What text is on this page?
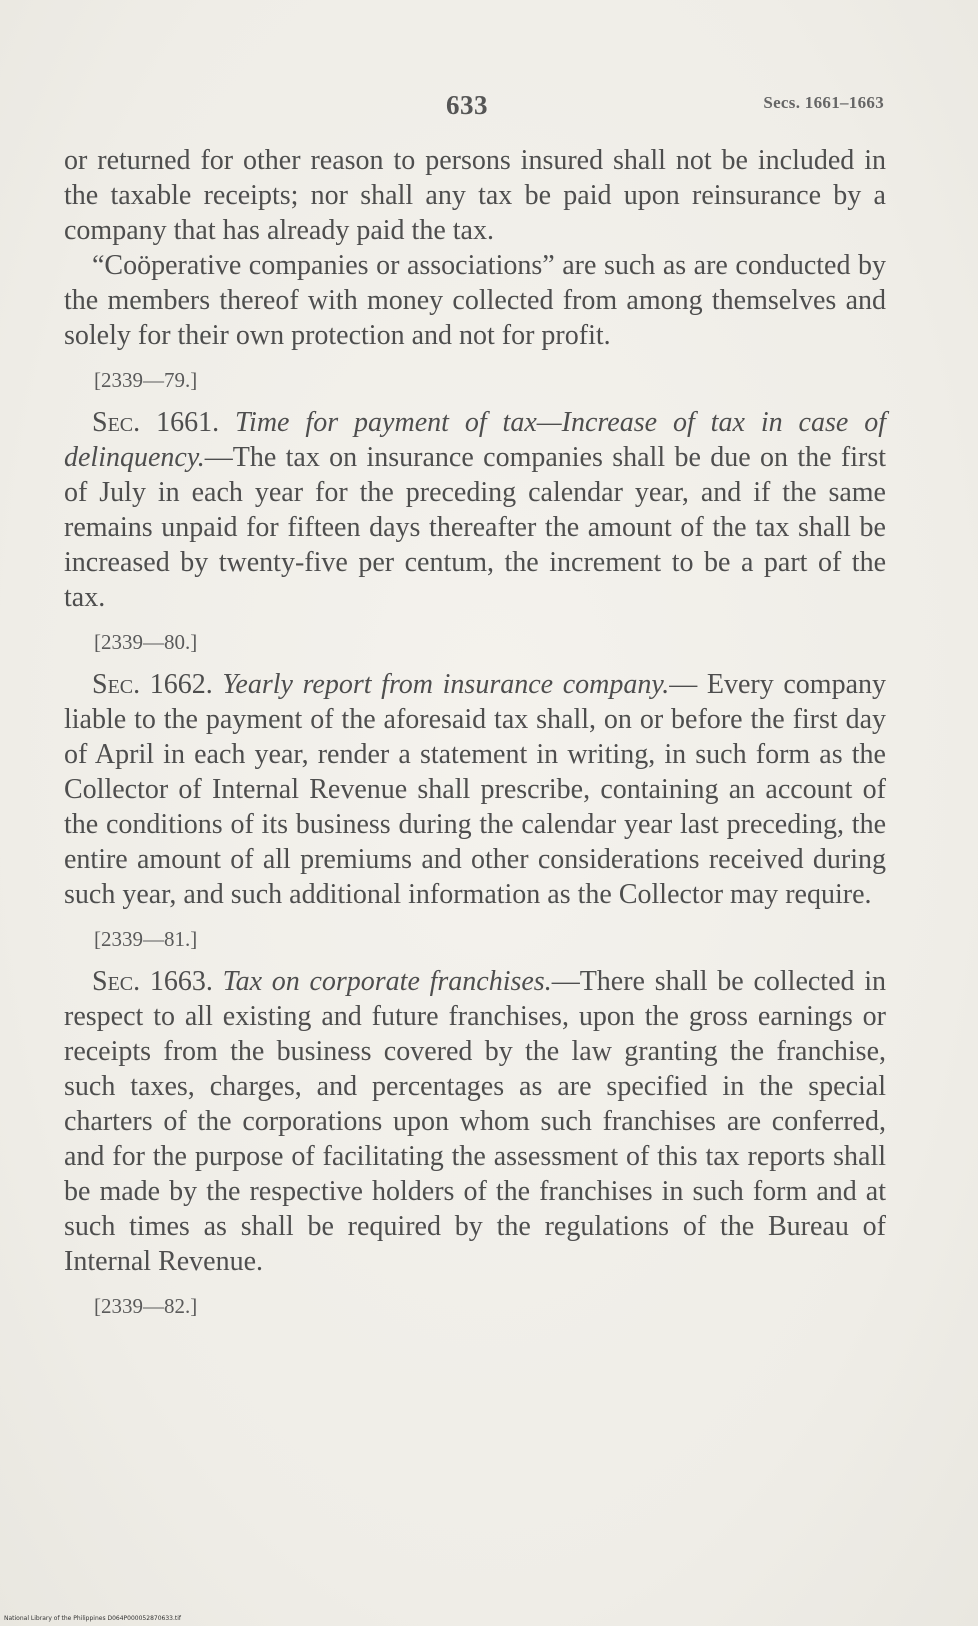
633	Secs. 1661–1663

or returned for other reason to persons insured shall not be included in the taxable receipts; nor shall any tax be paid upon reinsurance by a company that has already paid the tax.

“Coöperative companies or associations” are such as are conducted by the members thereof with money collected from among themselves and solely for their own protection and not for profit.

[2339—79.]

Sec. 1661. Time for payment of tax—Increase of tax in case of delinquency.—The tax on insurance companies shall be due on the first of July in each year for the preceding calendar year, and if the same remains unpaid for fifteen days thereafter the amount of the tax shall be increased by twenty-five per centum, the increment to be a part of the tax.

[2339—80.]

Sec. 1662. Yearly report from insurance company.— Every company liable to the payment of the aforesaid tax shall, on or before the first day of April in each year, render a statement in writing, in such form as the Collector of Internal Revenue shall prescribe, containing an account of the conditions of its business during the calendar year last preceding, the entire amount of all premiums and other considerations received during such year, and such additional information as the Collector may require.

[2339—81.]

Sec. 1663. Tax on corporate franchises.—There shall be collected in respect to all existing and future franchises, upon the gross earnings or receipts from the business covered by the law granting the franchise, such taxes, charges, and percentages as are specified in the special charters of the corporations upon whom such franchises are conferred, and for the purpose of facilitating the assessment of this tax reports shall be made by the respective holders of the franchises in such form and at such times as shall be required by the regulations of the Bureau of Internal Revenue.

[2339—82.]
National Library of the Philippines D064P000052870633.tif
